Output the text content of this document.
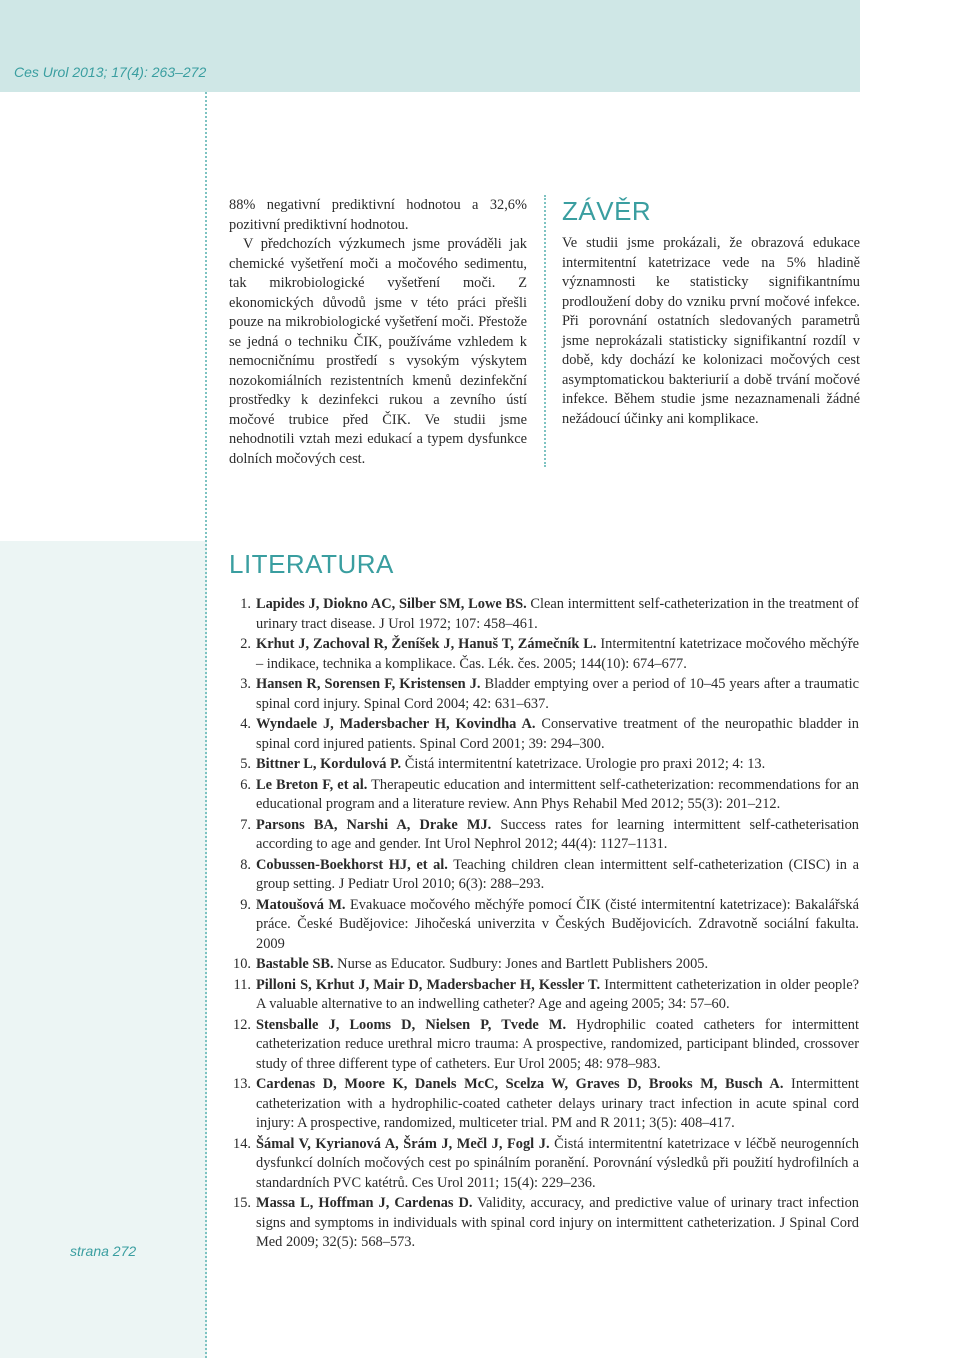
Ces Urol 2013; 17(4): 263–272

88% negativní prediktivní hodnotou a 32,6% pozitivní prediktivní hodnotou.

V předchozích výzkumech jsme prováděli jak chemické vyšetření moči a močového sedimentu, tak mikrobiologické vyšetření moči. Z ekonomických důvodů jsme v této práci přešli pouze na mikrobiologické vyšetření moči. Přestože se jedná o techniku ČIK, používáme vzhledem k nemocničnímu prostředí s vysokým výskytem nozokomiálních rezistentních kmenů dezinfekční prostředky k dezinfekci rukou a zevního ústí močové trubice před ČIK. Ve studii jsme nehodnotili vztah mezi edukací a typem dysfunkce dolních močových cest.

ZÁVĚR

Ve studii jsme prokázali, že obrazová edukace intermitentní katetrizace vede na 5% hladině významnosti ke statisticky signifikantnímu prodloužení doby do vzniku první močové infekce. Při porovnání ostatních sledovaných parametrů jsme neprokázali statisticky signifikantní rozdíl v době, kdy dochází ke kolonizaci močových cest asymptomatickou bakteriurií a době trvání močové infekce. Během studie jsme nezaznamenali žádné nežádoucí účinky ani komplikace.

LITERATURA
1. Lapides J, Diokno AC, Silber SM, Lowe BS. Clean intermittent self-catheterization in the treatment of urinary tract disease. J Urol 1972; 107: 458–461.
2. Krhut J, Zachoval R, Ženíšek J, Hanuš T, Zámečník L. Intermitentní katetrizace močového měchýře – indikace, technika a komplikace. Čas. Lék. čes. 2005; 144(10): 674–677.
3. Hansen R, Sorensen F, Kristensen J. Bladder emptying over a period of 10–45 years after a traumatic spinal cord injury. Spinal Cord 2004; 42: 631–637.
4. Wyndaele J, Madersbacher H, Kovindha A. Conservative treatment of the neuropathic bladder in spinal cord injured patients. Spinal Cord 2001; 39: 294–300.
5. Bittner L, Kordulová P. Čistá intermitentní katetrizace. Urologie pro praxi 2012; 4: 13.
6. Le Breton F, et al. Therapeutic education and intermittent self-catheterization: recommendations for an educational program and a literature review. Ann Phys Rehabil Med 2012; 55(3): 201–212.
7. Parsons BA, Narshi A, Drake MJ. Success rates for learning intermittent self-catheterisation according to age and gender. Int Urol Nephrol 2012; 44(4): 1127–1131.
8. Cobussen-Boekhorst HJ, et al. Teaching children clean intermittent self-catheterization (CISC) in a group setting. J Pediatr Urol 2010; 6(3): 288–293.
9. Matoušová M. Evakuace močového měchýře pomocí ČIK (čisté intermitentní katetrizace): Bakalářská práce. České Budějovice: Jihočeská univerzita v Českých Budějovicích. Zdravotně sociální fakulta. 2009
10. Bastable SB. Nurse as Educator. Sudbury: Jones and Bartlett Publishers 2005.
11. Pilloni S, Krhut J, Mair D, Madersbacher H, Kessler T. Intermittent catheterization in older people? A valuable alternative to an indwelling catheter? Age and ageing 2005; 34: 57–60.
12. Stensballe J, Looms D, Nielsen P, Tvede M. Hydrophilic coated catheters for intermittent catheterization reduce urethral micro trauma: A prospective, randomized, participant blinded, crossover study of three different type of catheters. Eur Urol 2005; 48: 978–983.
13. Cardenas D, Moore K, Danels McC, Scelza W, Graves D, Brooks M, Busch A. Intermittent catheterization with a hydrophilic-coated catheter delays urinary tract infection in acute spinal cord injury: A prospective, randomized, multiceter trial. PM and R 2011; 3(5): 408–417.
14. Šámal V, Kyrianová A, Šrám J, Mečl J, Fogl J. Čistá intermitentní katetrizace v léčbě neurogenních dysfunkcí dolních močových cest po spinálním poranění. Porovnání výsledků při použití hydrofilních a standardních PVC katétrů. Ces Urol 2011; 15(4): 229–236.
15. Massa L, Hoffman J, Cardenas D. Validity, accuracy, and predictive value of urinary tract infection signs and symptoms in individuals with spinal cord injury on intermittent catheterization. J Spinal Cord Med 2009; 32(5): 568–573.
strana 272
